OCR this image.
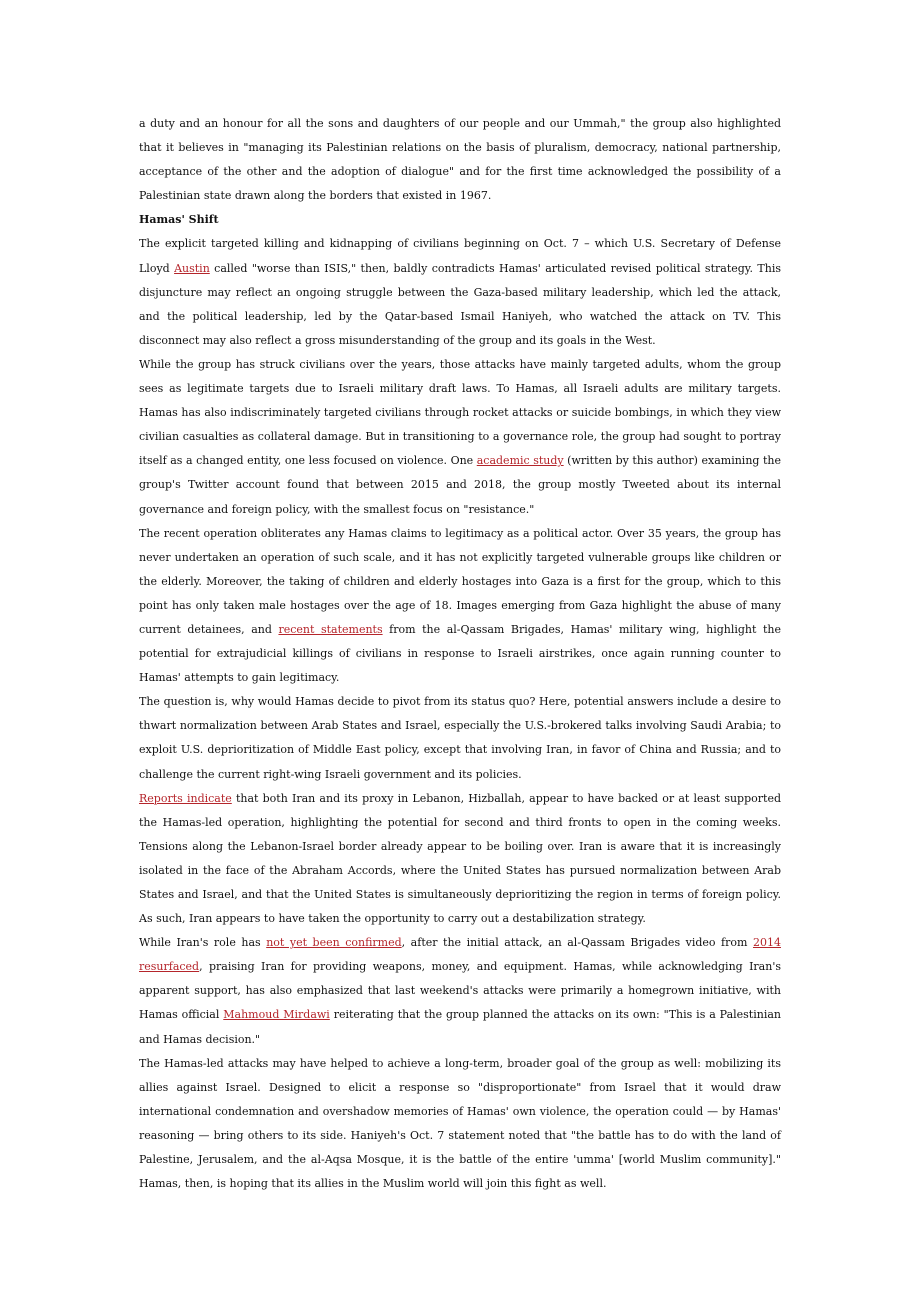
a duty and an honour for all the sons and daughters of our people and our Ummah," the group also highlighted that it believes in "managing its Palestinian relations on the basis of pluralism, democracy, national partnership, acceptance of the other and the adoption of dialogue" and for the first time acknowledged the possibility of a Palestinian state drawn along the borders that existed in 1967.

Hamas' Shift

The explicit targeted killing and kidnapping of civilians beginning on Oct. 7 – which U.S. Secretary of Defense Lloyd Austin called "worse than ISIS," then, baldly contradicts Hamas' articulated revised political strategy. This disjuncture may reflect an ongoing struggle between the Gaza-based military leadership, which led the attack, and the political leadership, led by the Qatar-based Ismail Haniyeh, who watched the attack on TV. This disconnect may also reflect a gross misunderstanding of the group and its goals in the West.

While the group has struck civilians over the years, those attacks have mainly targeted adults, whom the group sees as legitimate targets due to Israeli military draft laws. To Hamas, all Israeli adults are military targets. Hamas has also indiscriminately targeted civilians through rocket attacks or suicide bombings, in which they view civilian casualties as collateral damage. But in transitioning to a governance role, the group had sought to portray itself as a changed entity, one less focused on violence. One academic study (written by this author) examining the group's Twitter account found that between 2015 and 2018, the group mostly Tweeted about its internal governance and foreign policy, with the smallest focus on "resistance."

The recent operation obliterates any Hamas claims to legitimacy as a political actor. Over 35 years, the group has never undertaken an operation of such scale, and it has not explicitly targeted vulnerable groups like children or the elderly. Moreover, the taking of children and elderly hostages into Gaza is a first for the group, which to this point has only taken male hostages over the age of 18. Images emerging from Gaza highlight the abuse of many current detainees, and recent statements from the al-Qassam Brigades, Hamas' military wing, highlight the potential for extrajudicial killings of civilians in response to Israeli airstrikes, once again running counter to Hamas' attempts to gain legitimacy.

The question is, why would Hamas decide to pivot from its status quo? Here, potential answers include a desire to thwart normalization between Arab States and Israel, especially the U.S.-brokered talks involving Saudi Arabia; to exploit U.S. deprioritization of Middle East policy, except that involving Iran, in favor of China and Russia; and to challenge the current right-wing Israeli government and its policies.

Reports indicate that both Iran and its proxy in Lebanon, Hizballah, appear to have backed or at least supported the Hamas-led operation, highlighting the potential for second and third fronts to open in the coming weeks. Tensions along the Lebanon-Israel border already appear to be boiling over. Iran is aware that it is increasingly isolated in the face of the Abraham Accords, where the United States has pursued normalization between Arab States and Israel, and that the United States is simultaneously deprioritizing the region in terms of foreign policy. As such, Iran appears to have taken the opportunity to carry out a destabilization strategy.

While Iran's role has not yet been confirmed, after the initial attack, an al-Qassam Brigades video from 2014 resurfaced, praising Iran for providing weapons, money, and equipment. Hamas, while acknowledging Iran's apparent support, has also emphasized that last weekend's attacks were primarily a homegrown initiative, with Hamas official Mahmoud Mirdawi reiterating that the group planned the attacks on its own: "This is a Palestinian and Hamas decision."

The Hamas-led attacks may have helped to achieve a long-term, broader goal of the group as well: mobilizing its allies against Israel. Designed to elicit a response so "disproportionate" from Israel that it would draw international condemnation and overshadow memories of Hamas' own violence, the operation could — by Hamas' reasoning — bring others to its side. Haniyeh's Oct. 7 statement noted that "the battle has to do with the land of Palestine, Jerusalem, and the al-Aqsa Mosque, it is the battle of the entire 'umma' [world Muslim community]." Hamas, then, is hoping that its allies in the Muslim world will join this fight as well.
